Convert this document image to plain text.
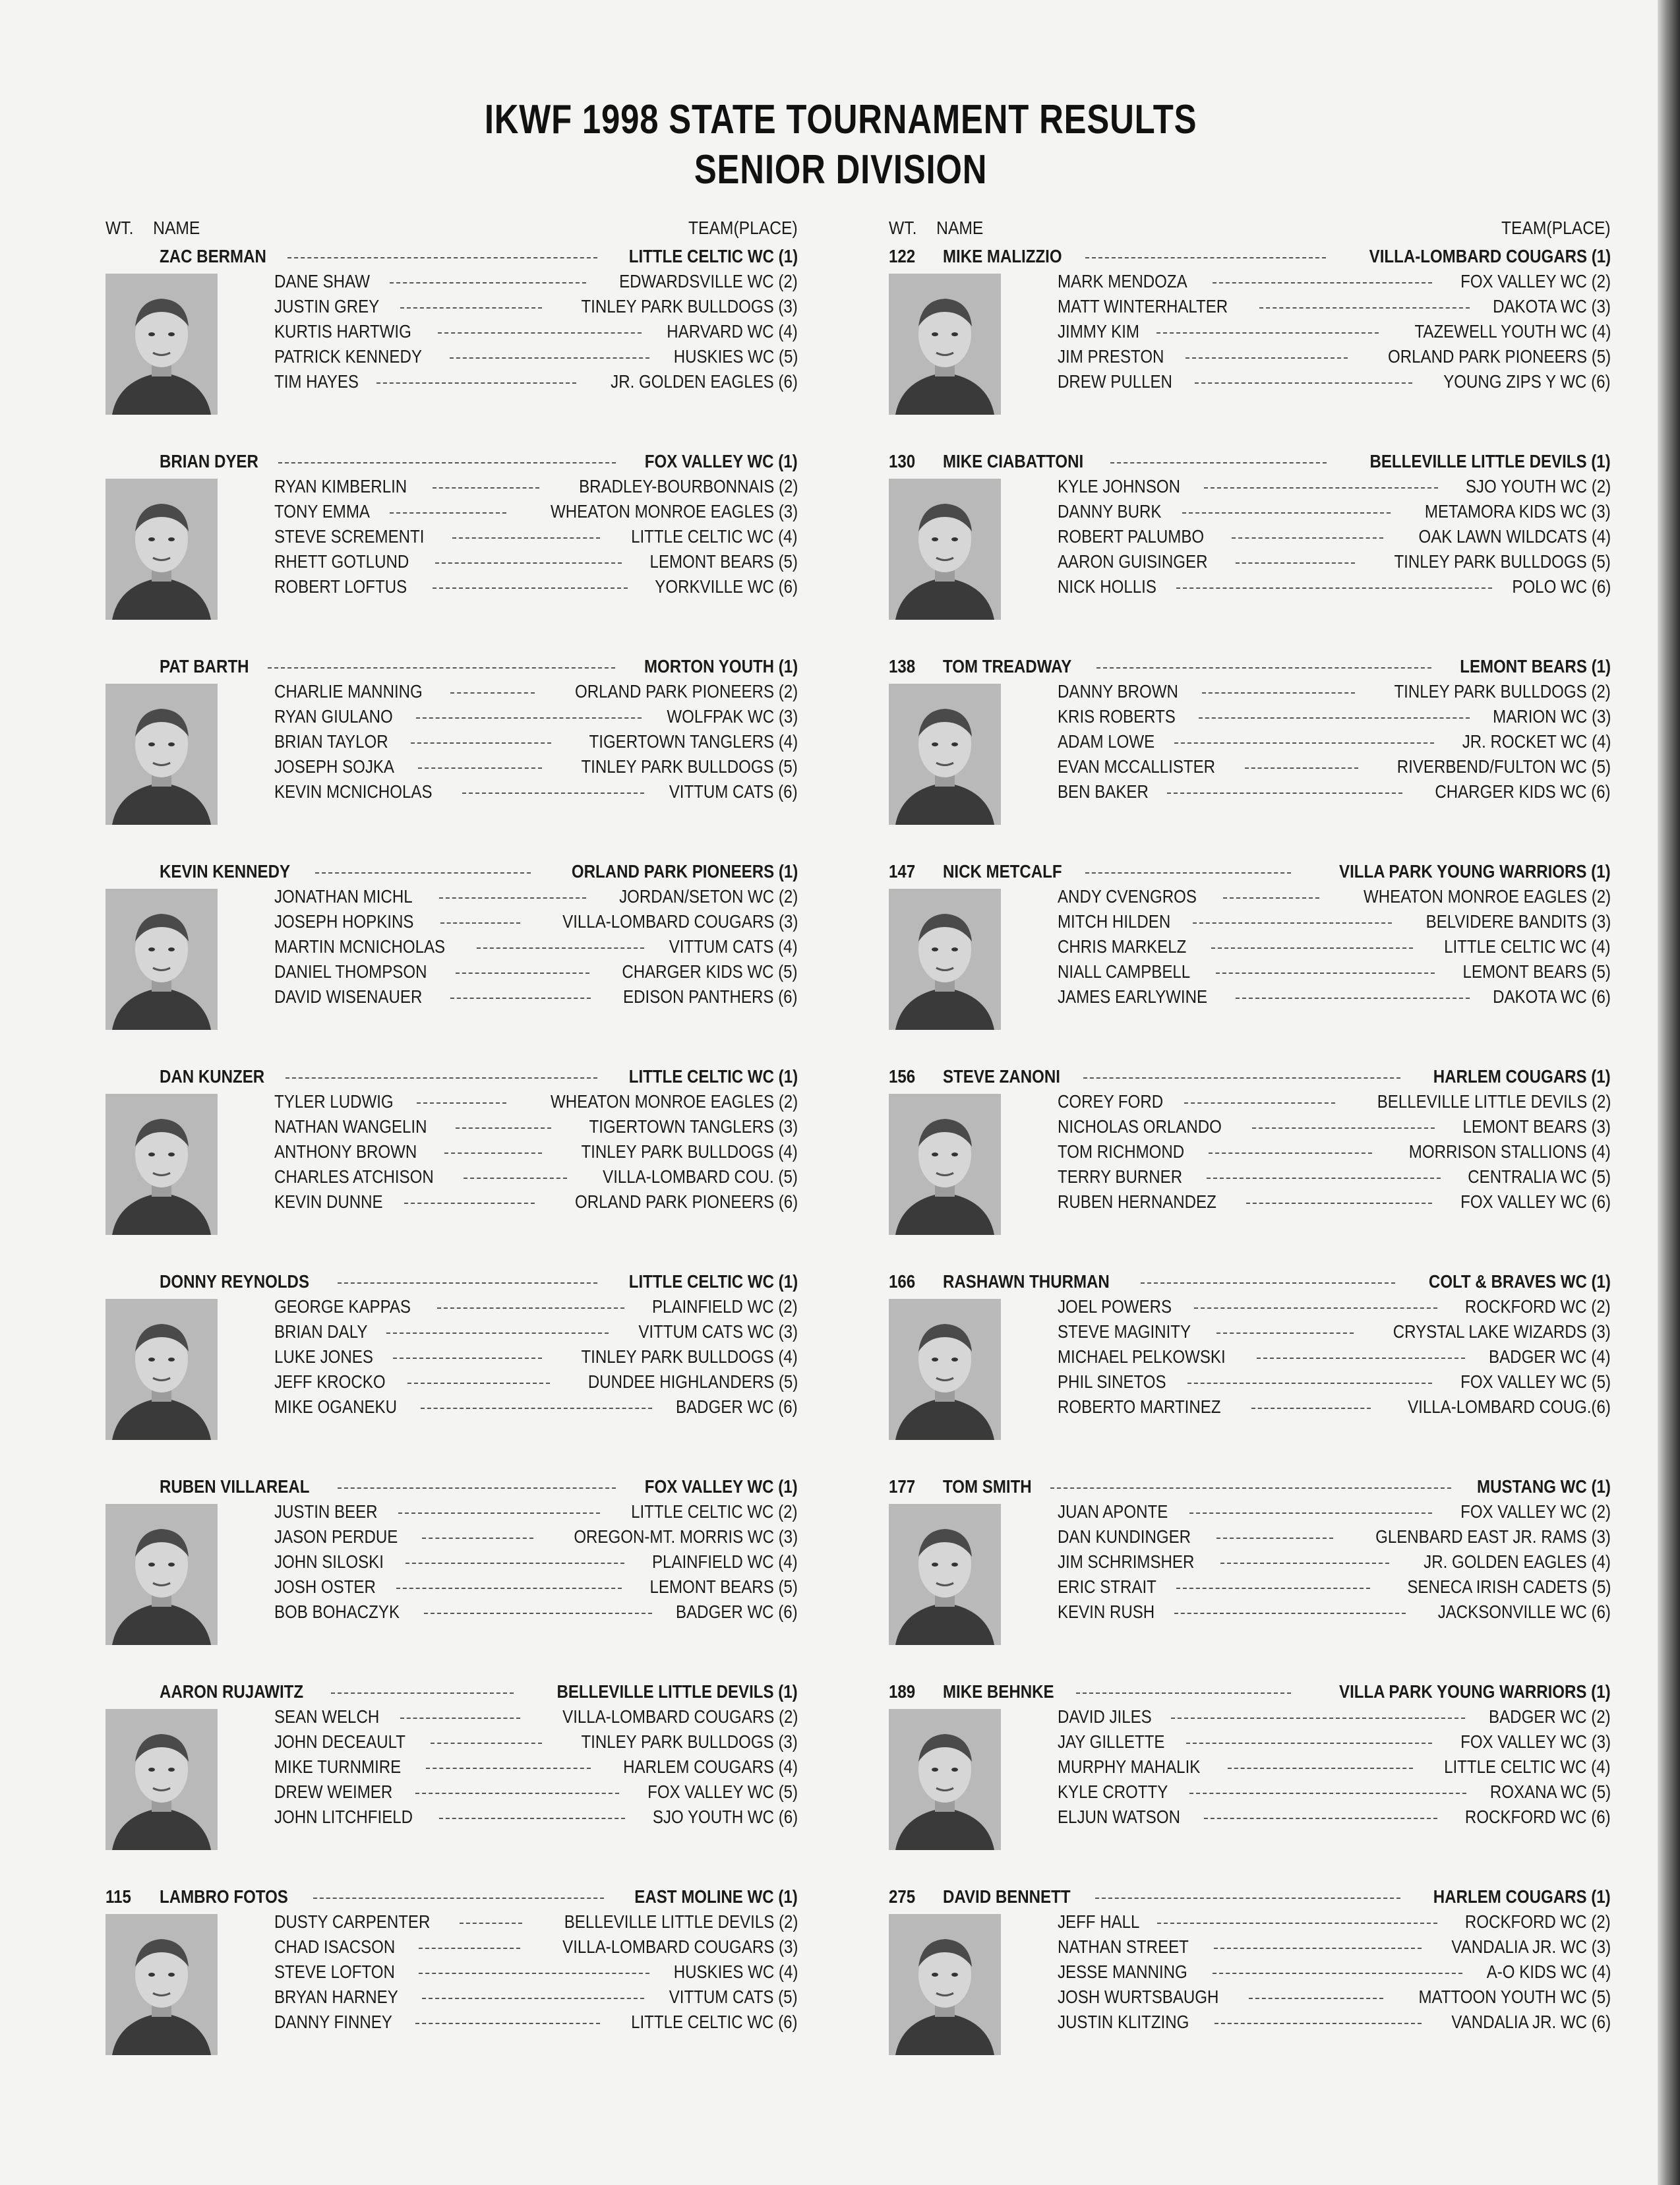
IKWF 1998 STATE TOURNAMENT RESULTS
SENIOR DIVISION
WT. NAME	TEAM(PLACE)
ZAC BERMAN	LITTLE CELTIC WC (1)
DANE SHAW	EDWARDSVILLE WC (2)
JUSTIN GREY	TINLEY PARK BULLDOGS (3)
KURTIS HARTWIG	HARVARD WC (4)
PATRICK KENNEDY	HUSKIES WC (5)
TIM HAYES	JR. GOLDEN EAGLES (6)
BRIAN DYER	FOX VALLEY WC (1)
RYAN KIMBERLIN	BRADLEY-BOURBONNAIS (2)
TONY EMMA	WHEATON MONROE EAGLES (3)
STEVE SCREMENTI	LITTLE CELTIC WC (4)
RHETT GOTLUND	LEMONT BEARS (5)
ROBERT LOFTUS	YORKVILLE WC (6)
PAT BARTH	MORTON YOUTH (1)
CHARLIE MANNING	ORLAND PARK PIONEERS (2)
RYAN GIULANO	WOLFPAK WC (3)
BRIAN TAYLOR	TIGERTOWN TANGLERS (4)
JOSEPH SOJKA	TINLEY PARK BULLDOGS (5)
KEVIN MCNICHOLAS	VITTUM CATS (6)
KEVIN KENNEDY	ORLAND PARK PIONEERS (1)
JONATHAN MICHL	JORDAN/SETON WC (2)
JOSEPH HOPKINS	VILLA-LOMBARD COUGARS (3)
MARTIN MCNICHOLAS	VITTUM CATS (4)
DANIEL THOMPSON	CHARGER KIDS WC (5)
DAVID WISENAUER	EDISON PANTHERS (6)
DAN KUNZER	LITTLE CELTIC WC (1)
TYLER LUDWIG	WHEATON MONROE EAGLES (2)
NATHAN WANGELIN	TIGERTOWN TANGLERS (3)
ANTHONY BROWN	TINLEY PARK BULLDOGS (4)
CHARLES ATCHISON	VILLA-LOMBARD COU. (5)
KEVIN DUNNE	ORLAND PARK PIONEERS (6)
DONNY REYNOLDS	LITTLE CELTIC WC (1)
GEORGE KAPPAS	PLAINFIELD WC (2)
BRIAN DALY	VITTUM CATS WC (3)
LUKE JONES	TINLEY PARK BULLDOGS (4)
JEFF KROCKO	DUNDEE HIGHLANDERS (5)
MIKE OGANEKU	BADGER WC (6)
RUBEN VILLAREAL	FOX VALLEY WC (1)
JUSTIN BEER	LITTLE CELTIC WC (2)
JASON PERDUE	OREGON-MT. MORRIS WC (3)
JOHN SILOSKI	PLAINFIELD WC (4)
JOSH OSTER	LEMONT BEARS (5)
BOB BOHACZYK	BADGER WC (6)
AARON RUJAWITZ	BELLEVILLE LITTLE DEVILS (1)
SEAN WELCH	VILLA-LOMBARD COUGARS (2)
JOHN DECEAULT	TINLEY PARK BULLDOGS (3)
MIKE TURNMIRE	HARLEM COUGARS (4)
DREW WEIMER	FOX VALLEY WC (5)
JOHN LITCHFIELD	SJO YOUTH WC (6)
115	LAMBRO FOTOS	EAST MOLINE WC (1)
DUSTY CARPENTER	BELLEVILLE LITTLE DEVILS (2)
CHAD ISACSON	VILLA-LOMBARD COUGARS (3)
STEVE LOFTON	HUSKIES WC (4)
BRYAN HARNEY	VITTUM CATS (5)
DANNY FINNEY	LITTLE CELTIC WC (6)
WT. NAME	TEAM(PLACE)
122	MIKE MALIZZIO	VILLA-LOMBARD COUGARS (1)
MARK MENDOZA	FOX VALLEY WC (2)
MATT WINTERHALTER	DAKOTA WC (3)
JIMMY KIM	TAZEWELL YOUTH WC (4)
JIM PRESTON	ORLAND PARK PIONEERS (5)
DREW PULLEN	YOUNG ZIPS Y WC (6)
130	MIKE CIABATTONI	BELLEVILLE LITTLE DEVILS (1)
KYLE JOHNSON	SJO YOUTH WC (2)
DANNY BURK	METAMORA KIDS WC (3)
ROBERT PALUMBO	OAK LAWN WILDCATS (4)
AARON GUISINGER	TINLEY PARK BULLDOGS (5)
NICK HOLLIS	POLO WC (6)
138	TOM TREADWAY	LEMONT BEARS (1)
DANNY BROWN	TINLEY PARK BULLDOGS (2)
KRIS ROBERTS	MARION WC (3)
ADAM LOWE	JR. ROCKET WC (4)
EVAN MCCALLISTER	RIVERBEND/FULTON WC (5)
BEN BAKER	CHARGER KIDS WC (6)
147	NICK METCALF	VILLA PARK YOUNG WARRIORS (1)
ANDY CVENGROS	WHEATON MONROE EAGLES (2)
MITCH HILDEN	BELVIDERE BANDITS (3)
CHRIS MARKELZ	LITTLE CELTIC WC (4)
NIALL CAMPBELL	LEMONT BEARS (5)
JAMES EARLYWINE	DAKOTA WC (6)
156	STEVE ZANONI	HARLEM COUGARS (1)
COREY FORD	BELLEVILLE LITTLE DEVILS (2)
NICHOLAS ORLANDO	LEMONT BEARS (3)
TOM RICHMOND	MORRISON STALLIONS (4)
TERRY BURNER	CENTRALIA WC (5)
RUBEN HERNANDEZ	FOX VALLEY WC (6)
166	RASHAWN THURMAN	COLT & BRAVES WC (1)
JOEL POWERS	ROCKFORD WC (2)
STEVE MAGINITY	CRYSTAL LAKE WIZARDS (3)
MICHAEL PELKOWSKI	BADGER WC (4)
PHIL SINETOS	FOX VALLEY WC (5)
ROBERTO MARTINEZ	VILLA-LOMBARD COUG.(6)
177	TOM SMITH	MUSTANG WC (1)
JUAN APONTE	FOX VALLEY WC (2)
DAN KUNDINGER	GLENBARD EAST JR. RAMS (3)
JIM SCHRIMSHER	JR. GOLDEN EAGLES (4)
ERIC STRAIT	SENECA IRISH CADETS (5)
KEVIN RUSH	JACKSONVILLE WC (6)
189	MIKE BEHNKE	VILLA PARK YOUNG WARRIORS (1)
DAVID JILES	BADGER WC (2)
JAY GILLETTE	FOX VALLEY WC (3)
MURPHY MAHALIK	LITTLE CELTIC WC (4)
KYLE CROTTY	ROXANA WC (5)
ELJUN WATSON	ROCKFORD WC (6)
275	DAVID BENNETT	HARLEM COUGARS (1)
JEFF HALL	ROCKFORD WC (2)
NATHAN STREET	VANDALIA JR. WC (3)
JESSE MANNING	A-O KIDS WC (4)
JOSH WURTSBAUGH	MATTOON YOUTH WC (5)
JUSTIN KLITZING	VANDALIA JR. WC (6)
